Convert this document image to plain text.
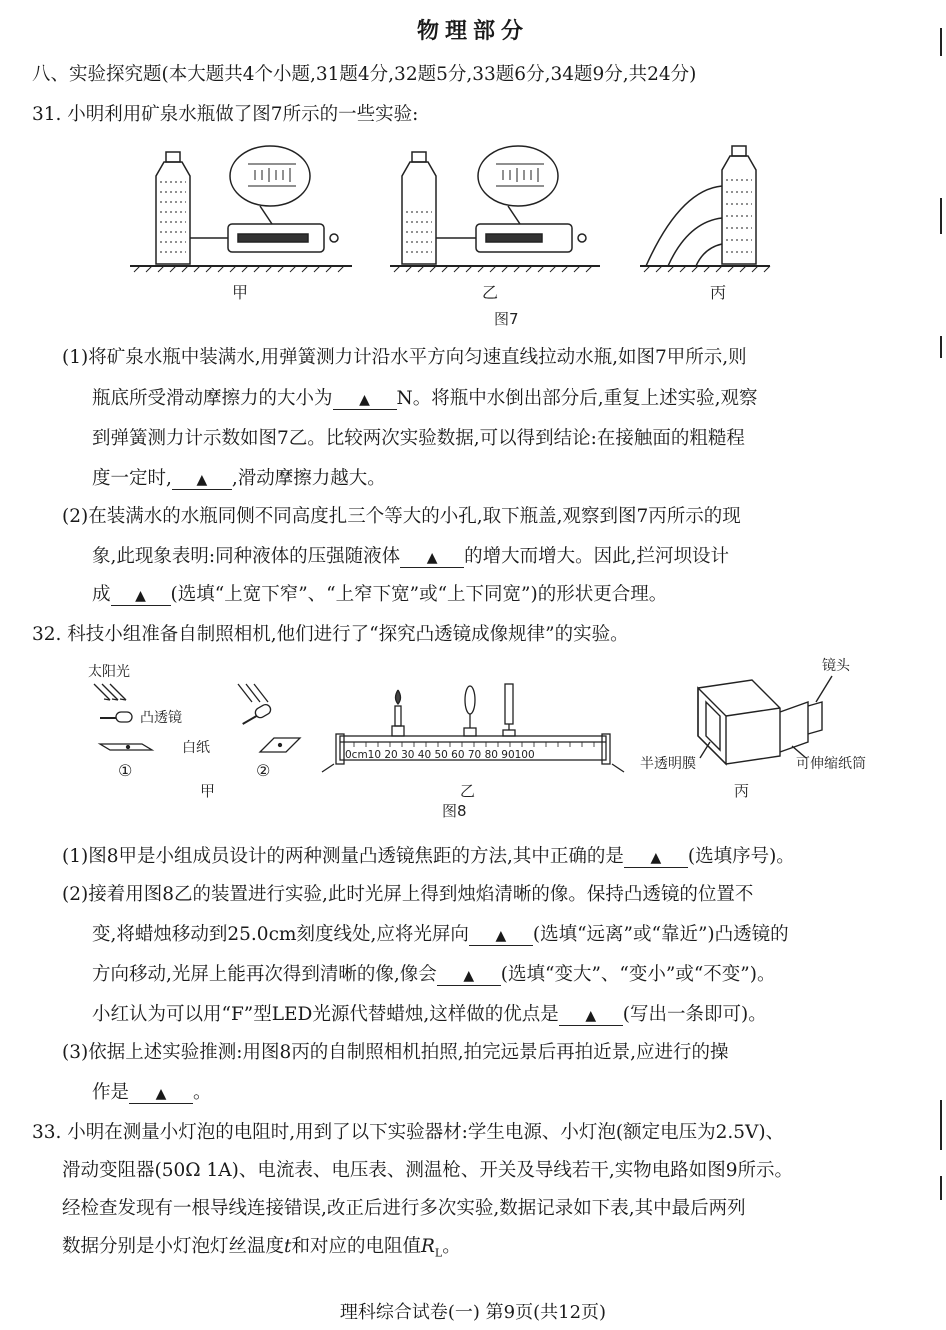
物理部分
八、实验探究题(本大题共4个小题,31题4分,32题5分,33题6分,34题9分,共24分)
31. 小明利用矿泉水瓶做了图7所示的一些实验:
甲	乙	丙
图7
(1)将矿泉水瓶中装满水,用弹簧测力计沿水平方向匀速直线拉动水瓶,如图7甲所示,则
瓶底所受滑动摩擦力的大小为 ▲ N。将瓶中水倒出部分后,重复上述实验,观察
到弹簧测力计示数如图7乙。比较两次实验数据,可以得到结论:在接触面的粗糙程
度一定时, ▲ ,滑动摩擦力越大。
(2)在装满水的水瓶同侧不同高度扎三个等大的小孔,取下瓶盖,观察到图7丙所示的现
象,此现象表明:同种液体的压强随液体 ▲ 的增大而增大。因此,拦河坝设计
成 ▲ (选填“上宽下窄”、“上窄下宽”或“上下同宽”)的形状更合理。
32. 科技小组准备自制照相机,他们进行了“探究凸透镜成像规律”的实验。
太阳光
凸透镜
白纸
①	②
甲
0cm10 20 30 40 50 60 70 80 90100
乙
镜头
半透明膜	可伸缩纸筒
丙
图8
(1)图8甲是小组成员设计的两种测量凸透镜焦距的方法,其中正确的是 ▲ (选填序号)。
(2)接着用图8乙的装置进行实验,此时光屏上得到烛焰清晰的像。保持凸透镜的位置不
变,将蜡烛移动到25.0cm刻度线处,应将光屏向 ▲ (选填“远离”或“靠近”)凸透镜的
方向移动,光屏上能再次得到清晰的像,像会 ▲ (选填“变大”、“变小”或“不变”)。
小红认为可以用“F”型LED光源代替蜡烛,这样做的优点是 ▲ (写出一条即可)。
(3)依据上述实验推测:用图8丙的自制照相机拍照,拍完远景后再拍近景,应进行的操
作是 ▲ 。
33. 小明在测量小灯泡的电阻时,用到了以下实验器材:学生电源、小灯泡(额定电压为2.5V)、
滑动变阻器(50Ω 1A)、电流表、电压表、测温枪、开关及导线若干,实物电路如图9所示。
经检查发现有一根导线连接错误,改正后进行多次实验,数据记录如下表,其中最后两列
数据分别是小灯泡灯丝温度t和对应的电阻值$R_L$。
理科综合试卷(一) 第9页(共12页)
